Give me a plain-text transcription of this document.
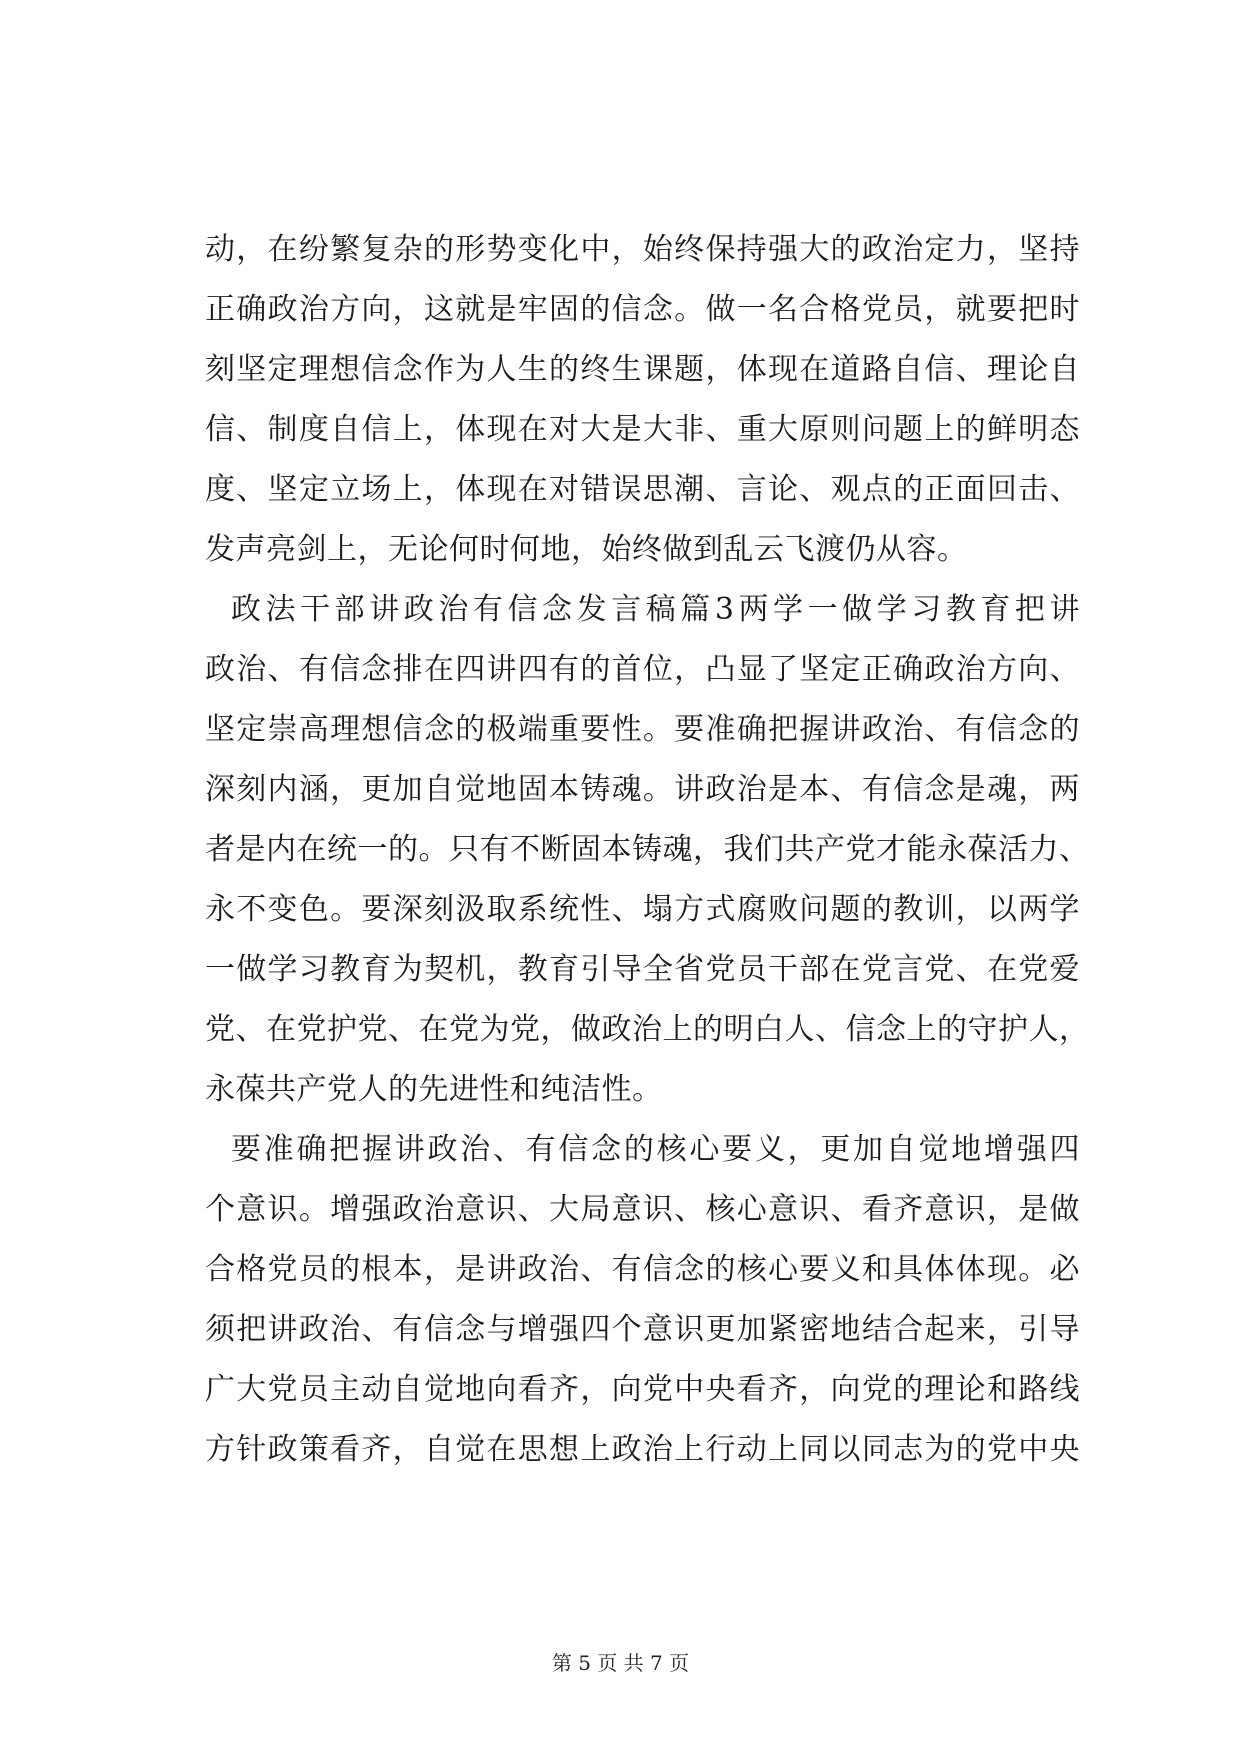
动，在纷繁复杂的形势变化中，始终保持强大的政治定力，坚持

正确政治方向，这就是牢固的信念。做一名合格党员，就要把时

刻坚定理想信念作为人生的终生课题，体现在道路自信、理论自

信、制度自信上，体现在对大是大非、重大原则问题上的鲜明态

度、坚定立场上，体现在对错误思潮、言论、观点的正面回击、

发声亮剑上，无论何时何地，始终做到乱云飞渡仍从容。

政法干部讲政治有信念发言稿篇3两学一做学习教育把讲

政治、有信念排在四讲四有的首位，凸显了坚定正确政治方向、

坚定崇高理想信念的极端重要性。要准确把握讲政治、有信念的

深刻内涵，更加自觉地固本铸魂。讲政治是本、有信念是魂，两

者是内在统一的。只有不断固本铸魂，我们共产党才能永葆活力、

永不变色。要深刻汲取系统性、塌方式腐败问题的教训，以两学

一做学习教育为契机，教育引导全省党员干部在党言党、在党爱

党、在党护党、在党为党，做政治上的明白人、信念上的守护人，

永葆共产党人的先进性和纯洁性。

要准确把握讲政治、有信念的核心要义，更加自觉地增强四

个意识。增强政治意识、大局意识、核心意识、看齐意识，是做

合格党员的根本，是讲政治、有信念的核心要义和具体体现。必

须把讲政治、有信念与增强四个意识更加紧密地结合起来，引导

广大党员主动自觉地向看齐，向党中央看齐，向党的理论和路线

方针政策看齐，自觉在思想上政治上行动上同以同志为的党中央

第 5 页 共 7 页
